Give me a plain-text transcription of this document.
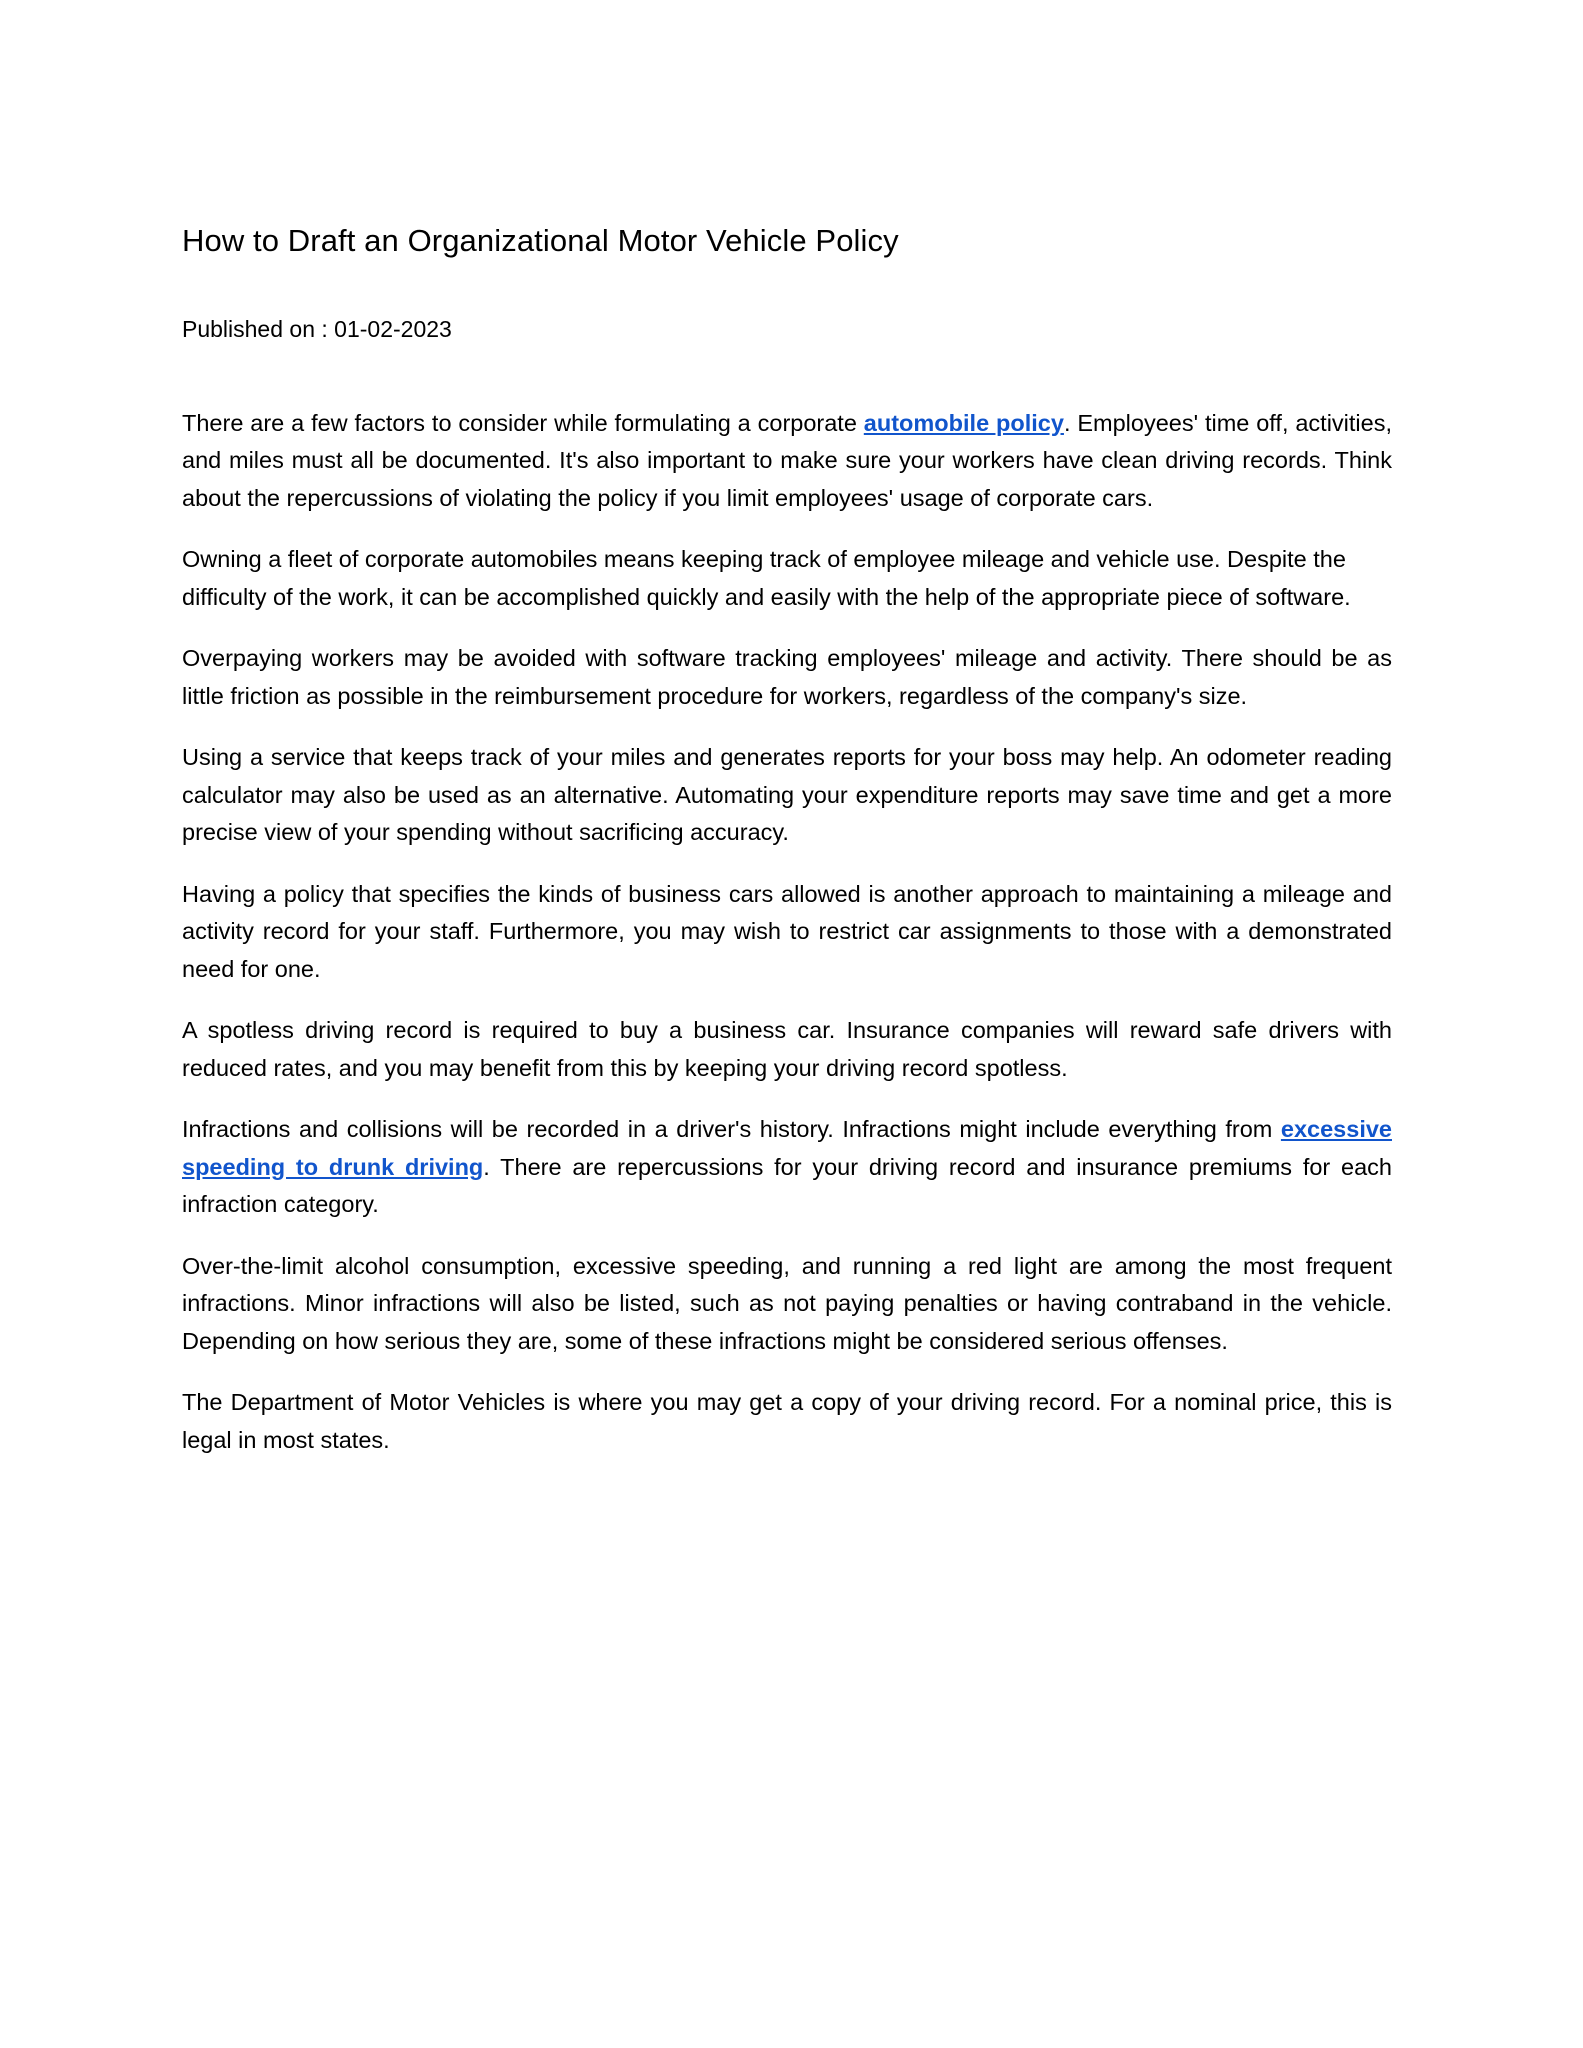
How to Draft an Organizational Motor Vehicle Policy
Published on : 01-02-2023

There are a few factors to consider while formulating a corporate automobile policy. Employees' time off, activities, and miles must all be documented. It's also important to make sure your workers have clean driving records. Think about the repercussions of violating the policy if you limit employees' usage of corporate cars.

Owning a fleet of corporate automobiles means keeping track of employee mileage and vehicle use. Despite the difficulty of the work, it can be accomplished quickly and easily with the help of the appropriate piece of software.

Overpaying workers may be avoided with software tracking employees' mileage and activity. There should be as little friction as possible in the reimbursement procedure for workers, regardless of the company's size.

Using a service that keeps track of your miles and generates reports for your boss may help. An odometer reading calculator may also be used as an alternative. Automating your expenditure reports may save time and get a more precise view of your spending without sacrificing accuracy.

Having a policy that specifies the kinds of business cars allowed is another approach to maintaining a mileage and activity record for your staff. Furthermore, you may wish to restrict car assignments to those with a demonstrated need for one.

A spotless driving record is required to buy a business car. Insurance companies will reward safe drivers with reduced rates, and you may benefit from this by keeping your driving record spotless.

Infractions and collisions will be recorded in a driver's history. Infractions might include everything from excessive speeding to drunk driving. There are repercussions for your driving record and insurance premiums for each infraction category.

Over-the-limit alcohol consumption, excessive speeding, and running a red light are among the most frequent infractions. Minor infractions will also be listed, such as not paying penalties or having contraband in the vehicle. Depending on how serious they are, some of these infractions might be considered serious offenses.

The Department of Motor Vehicles is where you may get a copy of your driving record. For a nominal price, this is legal in most states.
